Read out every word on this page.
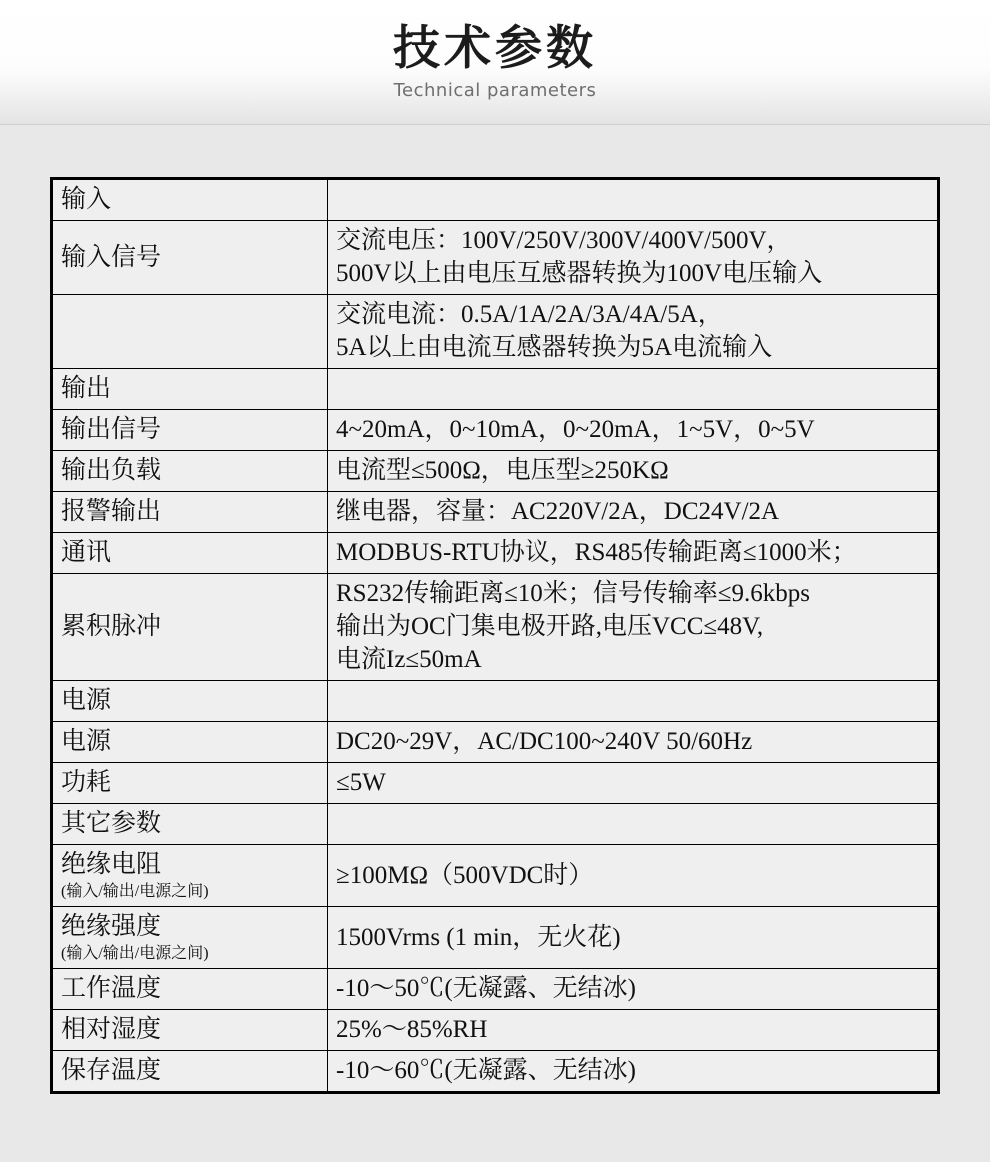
技术参数
Technical parameters
输入	
输入信号	交流电压：100V/250V/300V/400V/500V，
500V以上由电压互感器转换为100V电压输入

	交流电流：0.5A/1A/2A/3A/4A/5A，
5A以上由电流互感器转换为5A电流输入

输出	
输出信号	4~20mA，0~10mA，0~20mA，1~5V，0~5V

输出负载	电流型≤500Ω，电压型≥250KΩ

报警输出	继电器，容量：AC220V/2A，DC24V/2A

通讯	MODBUS-RTU协议，RS485传输距离≤1000米；

累积脉冲	RS232传输距离≤10米；信号传输率≤9.6kbps
输出为OC门集电极开路,电压VCC≤48V,
电流Iz≤50mA

电源	
电源	DC20~29V，AC/DC100~240V 50/60Hz

功耗	≤5W

其它参数	
绝缘电阻
(输入/输出/电源之间)	≥100MΩ（500VDC时）

绝缘强度
(输入/输出/电源之间)	1500Vrms (1 min，无火花)

工作温度	-10～50℃(无凝露、无结冰)

相对湿度	25%～85%RH

保存温度	-10～60℃(无凝露、无结冰)
